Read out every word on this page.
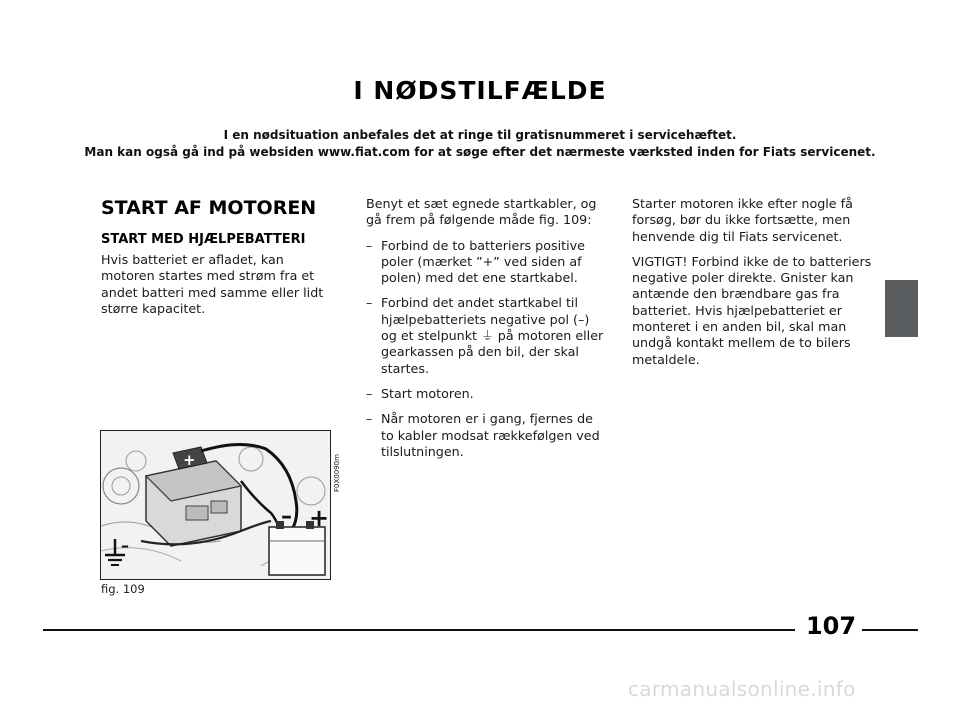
I NØDSTILFÆLDE
I en nødsituation anbefales det at ringe til gratisnummeret i servicehæftet.
Man kan også gå ind på websiden www.fiat.com for at søge efter det nærmeste værksted inden for Fiats servicenet.
START AF MOTOREN
START MED HJÆLPEBATTERI

Hvis batteriet er afladet, kan motoren startes med strøm fra et andet batteri med samme eller lidt større kapacitet.

Benyt et sæt egnede startkabler, og gå frem på følgende måde fig. 109:

– Forbind de to batteriers positive poler (mærket ”+” ved siden af polen) med det ene startkabel.
– Forbind det andet startkabel til hjælpebatteriets negative pol (–) og et stelpunkt ⏚ på motoren eller gearkassen på den bil, der skal startes.
– Start motoren.
– Når motoren er i gang, fjernes de to kabler modsat rækkefølgen ved tilslutningen.

Starter motoren ikke efter nogle få forsøg, bør du ikke fortsætte, men henvende dig til Fiats servicenet.

VIGTIGT! Forbind ikke de to batteriers negative poler direkte. Gnister kan antænde den brændbare gas fra batteriet. Hvis hjælpebatteriet er monteret i en anden bil, skal man undgå kontakt mellem de to bilers metaldele.

+
– +
–
F0X0090m
fig. 109
107
carmanualsonline.info
